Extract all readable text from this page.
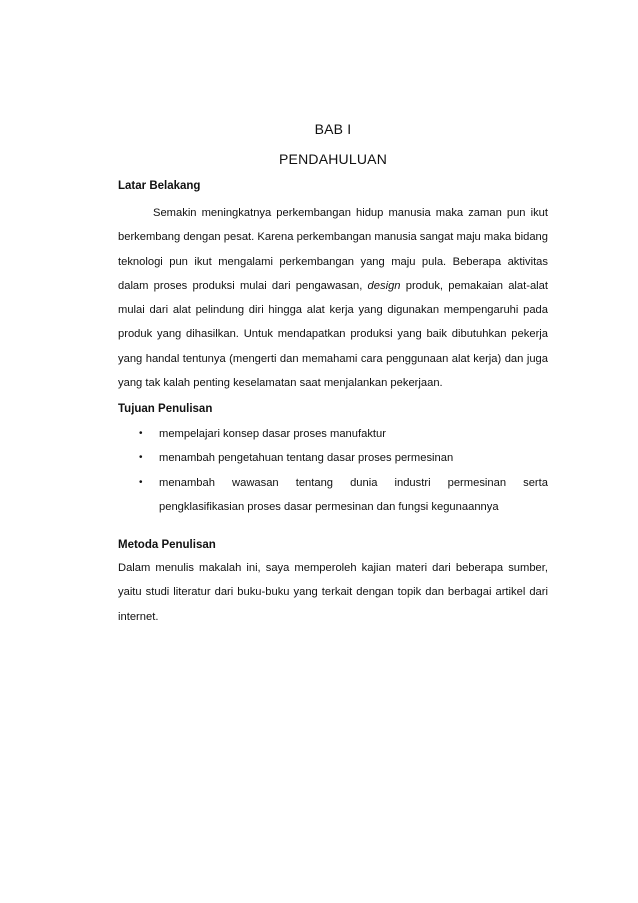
BAB I
PENDAHULUAN

Latar Belakang

Semakin meningkatnya perkembangan hidup manusia maka zaman pun ikut berkembang dengan pesat. Karena perkembangan manusia sangat maju maka bidang teknologi pun ikut mengalami perkembangan yang maju pula. Beberapa aktivitas dalam proses produksi mulai dari pengawasan, design produk, pemakaian alat-alat mulai dari alat pelindung diri hingga alat kerja yang digunakan mempengaruhi pada produk yang dihasilkan. Untuk mendapatkan produksi yang baik dibutuhkan pekerja yang handal tentunya (mengerti dan memahami cara penggunaan alat kerja) dan juga yang tak kalah penting keselamatan saat menjalankan pekerjaan.

Tujuan Penulisan

• mempelajari konsep dasar proses manufaktur
• menambah pengetahuan tentang dasar proses permesinan
• menambah wawasan tentang dunia industri permesinan serta pengklasifikasian proses dasar permesinan dan fungsi kegunaannya

Metoda Penulisan

Dalam menulis makalah ini, saya memperoleh kajian materi dari beberapa sumber, yaitu studi literatur dari buku-buku yang terkait dengan topik dan berbagai artikel dari internet.
